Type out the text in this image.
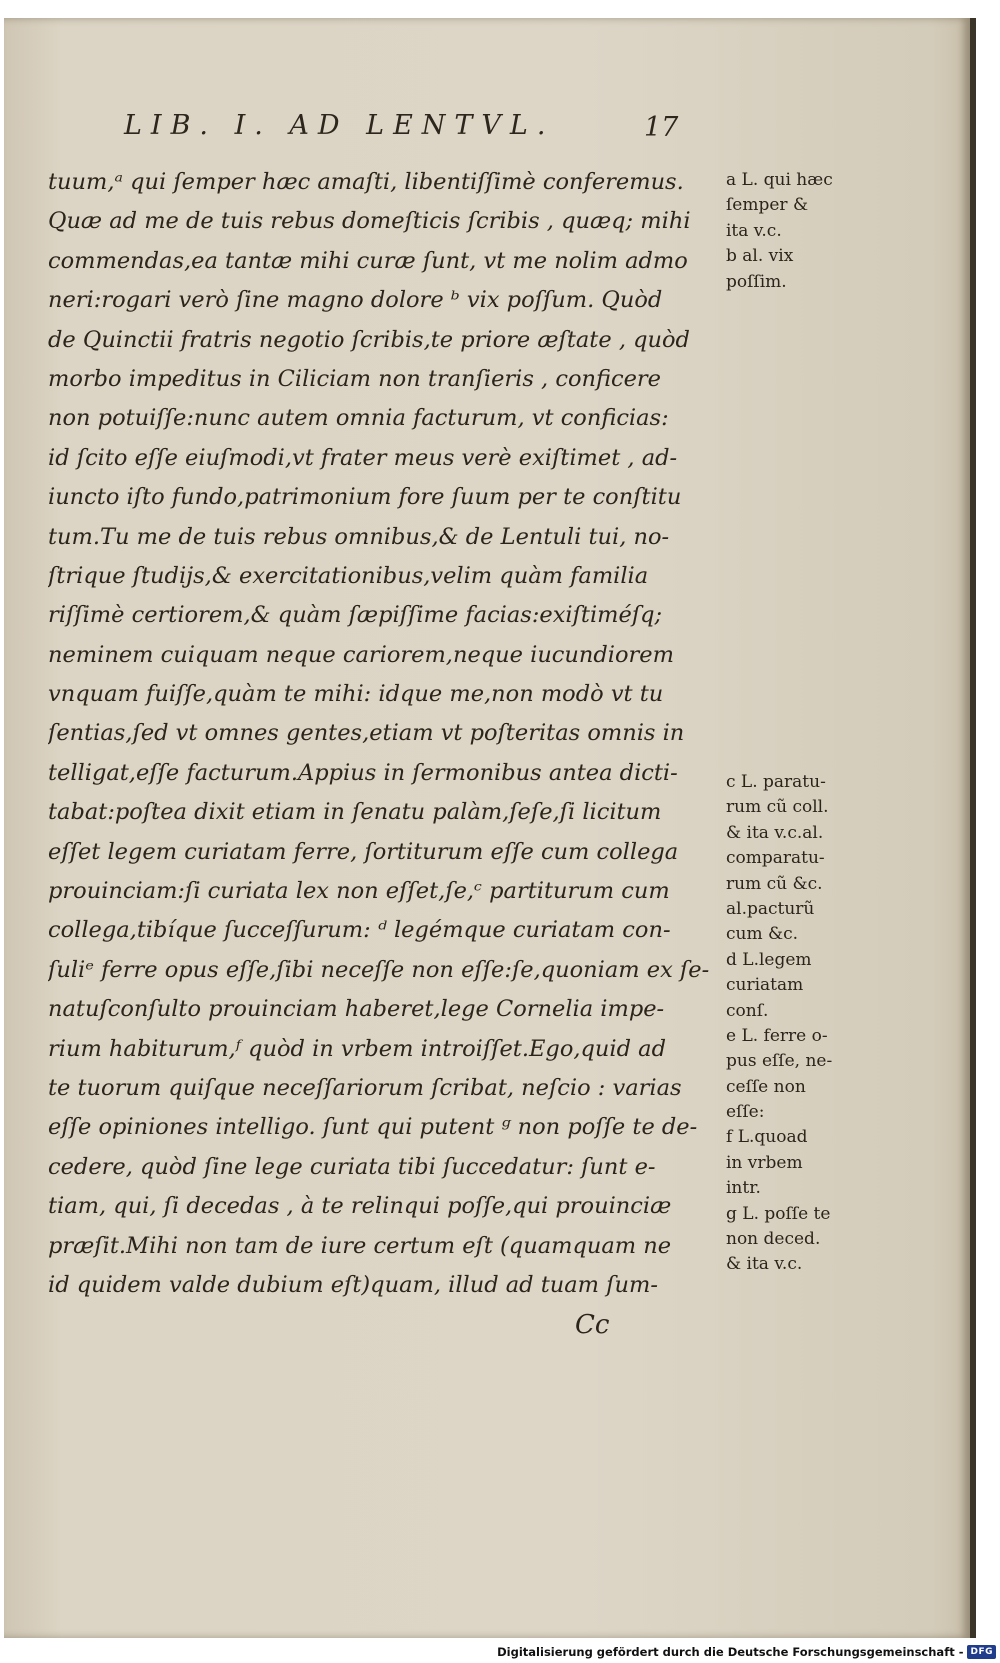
LIB. I. AD LENTVL.	17
tuum,ᵃ qui ſemper hæc amaſti, libentiſſimè conferemus.
Quæ ad me de tuis rebus domeſticis ſcribis , quæq; mihi
commendas,ea tantæ mihi curæ ſunt, vt me nolim admo
neri:rogari verò ſine magno dolore ᵇ vix poſſum. Quòd
de Quinctii fratris negotio ſcribis,te priore æſtate , quòd
morbo impeditus in Ciliciam non tranſieris , conficere
non potuiſſe:nunc autem omnia facturum, vt conficias:
id ſcito eſſe eiuſmodi,vt frater meus verè exiſtimet , ad-
iuncto iſto fundo,patrimonium fore ſuum per te conſtitu
tum.Tu me de tuis rebus omnibus,& de Lentuli tui, no-
ſtrique ſtudijs,& exercitationibus,velim quàm familia
riſſimè certiorem,& quàm ſæpiſſime facias:exiſtiméſq;
neminem cuiquam neque cariorem,neque iucundiorem
vnquam fuiſſe,quàm te mihi: idque me,non modò vt tu
ſentias,ſed vt omnes gentes,etiam vt poſteritas omnis in
telligat,eſſe facturum.Appius in ſermonibus antea dicti-
tabat:poſtea dixit etiam in ſenatu palàm,ſeſe,ſi licitum
eſſet legem curiatam ferre, ſortiturum eſſe cum collega
prouinciam:ſi curiata lex non eſſet,ſe,ᶜ partiturum cum
collega,tibíque ſucceſſurum: ᵈ legémque curiatam con-
ſuliᵉ ferre opus eſſe,ſibi neceſſe non eſſe:ſe,quoniam ex ſe-
natuſconſulto prouinciam haberet,lege Cornelia impe-
rium habiturum,ᶠ quòd in vrbem introiſſet.Ego,quid ad
te tuorum quiſque neceſſariorum ſcribat, neſcio : varias
eſſe opiniones intelligo. ſunt qui putent ᵍ non poſſe te de-
cedere, quòd ſine lege curiata tibi ſuccedatur: ſunt e-
tiam, qui, ſi decedas , à te relinqui poſſe,qui prouinciæ
præſit.Mihi non tam de iure certum eſt (quamquam ne
id quidem valde dubium eſt)quam, illud ad tuam ſum-
a L. qui hæc
ſemper &
ita v.c.
b al. vix
poſſim.
c L. paratu-
rum cũ coll.
& ita v.c.al.
comparatu-
rum cũ &c.
al.pacturũ
cum &c.
d L.legem
curiatam
conſ.
e L. ferre o-
pus eſſe, ne-
ceſſe non
eſſe:
f L.quoad
in vrbem
intr.
g L. poſſe te
non deced.
& ita v.c.
Cc
Digitalisierung gefördert durch die Deutsche Forschungsgemeinschaft - DFG
